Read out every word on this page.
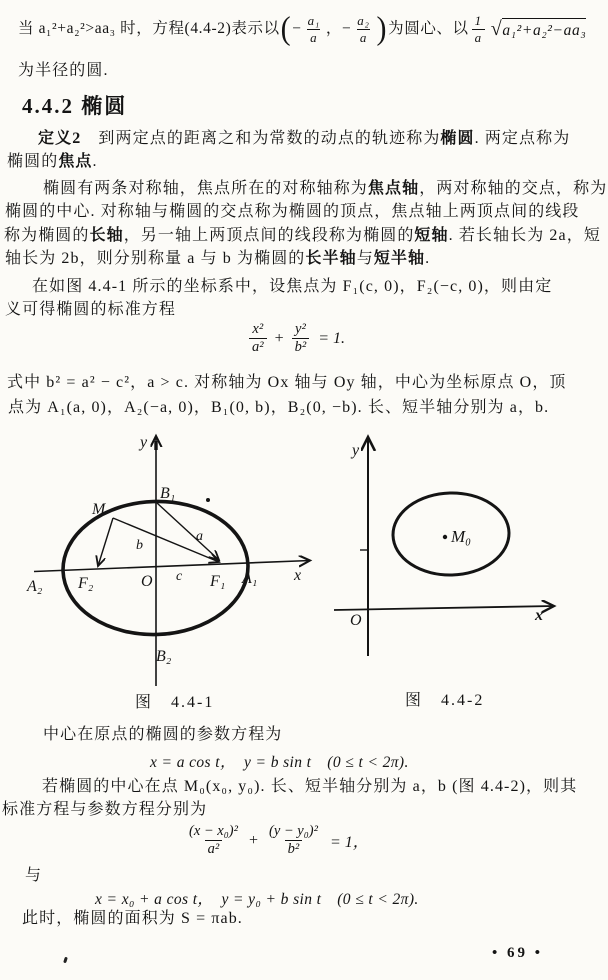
当 a₁²+a₂²>aa₃ 时，方程(4.4-2)表示以 ( − $\frac{\text{a₁}}{a}$ ， − $\frac{\text{a₂}}{a}$ ) 为圆心、以 $\frac{1}{a}$ √ a₁²+a₂²−aa₃
为半径的圆.
4.4.2 椭圆
定义2　到两定点的距离之和为常数的动点的轨迹称为椭圆. 两定点称为
椭圆的焦点.
椭圆有两条对称轴，焦点所在的对称轴称为焦点轴，两对称轴的交点，称为
椭圆的中心. 对称轴与椭圆的交点称为椭圆的顶点，焦点轴上两顶点间的线段
称为椭圆的长轴，另一轴上两顶点间的线段称为椭圆的短轴. 若长轴长为 2a，短
轴长为 2b，则分别称量 a 与 b 为椭圆的长半轴与短半轴.
在如图 4.4-1 所示的坐标系中，设焦点为 F₁(c, 0)，F₂(−c, 0)，则由定
义可得椭圆的标准方程
$\frac{\text{x²}}{\text{a²}} + \frac{\text{y²}}{\text{b²}} = 1$.
式中 b² = a² − c²，a > c. 对称轴为 Ox 轴与 Oy 轴，中心为坐标原点 O，顶
点为 A₁(a, 0)，A₂(−a, 0)，B₁(0, b)，B₂(0, −b). 长、短半轴分别为 a，b.
y
x
B₁
B₂
A₁
A₂	F₁
F₂	O
M
a
b
c
图　4.4-1
y
x
O
M₀
图　4.4-2
中心在原点的椭圆的参数方程为
x = a cos t，　y = b sin t　(0 ≤ t < 2π).
若椭圆的中心在点 M₀(x₀, y₀). 长、短半轴分别为 a，b (图 4.4-2)，则其
标准方程与参数方程分别为
$\frac{\text{(x − x₀)²}}{\text{a²}} + \frac{\text{(y − y₀)²}}{\text{b²}} = 1$，
与
x = x₀ + a cos t，　y = y₀ + b sin t　(0 ≤ t < 2π).
此时，椭圆的面积为 S = πab.
• 69 •
